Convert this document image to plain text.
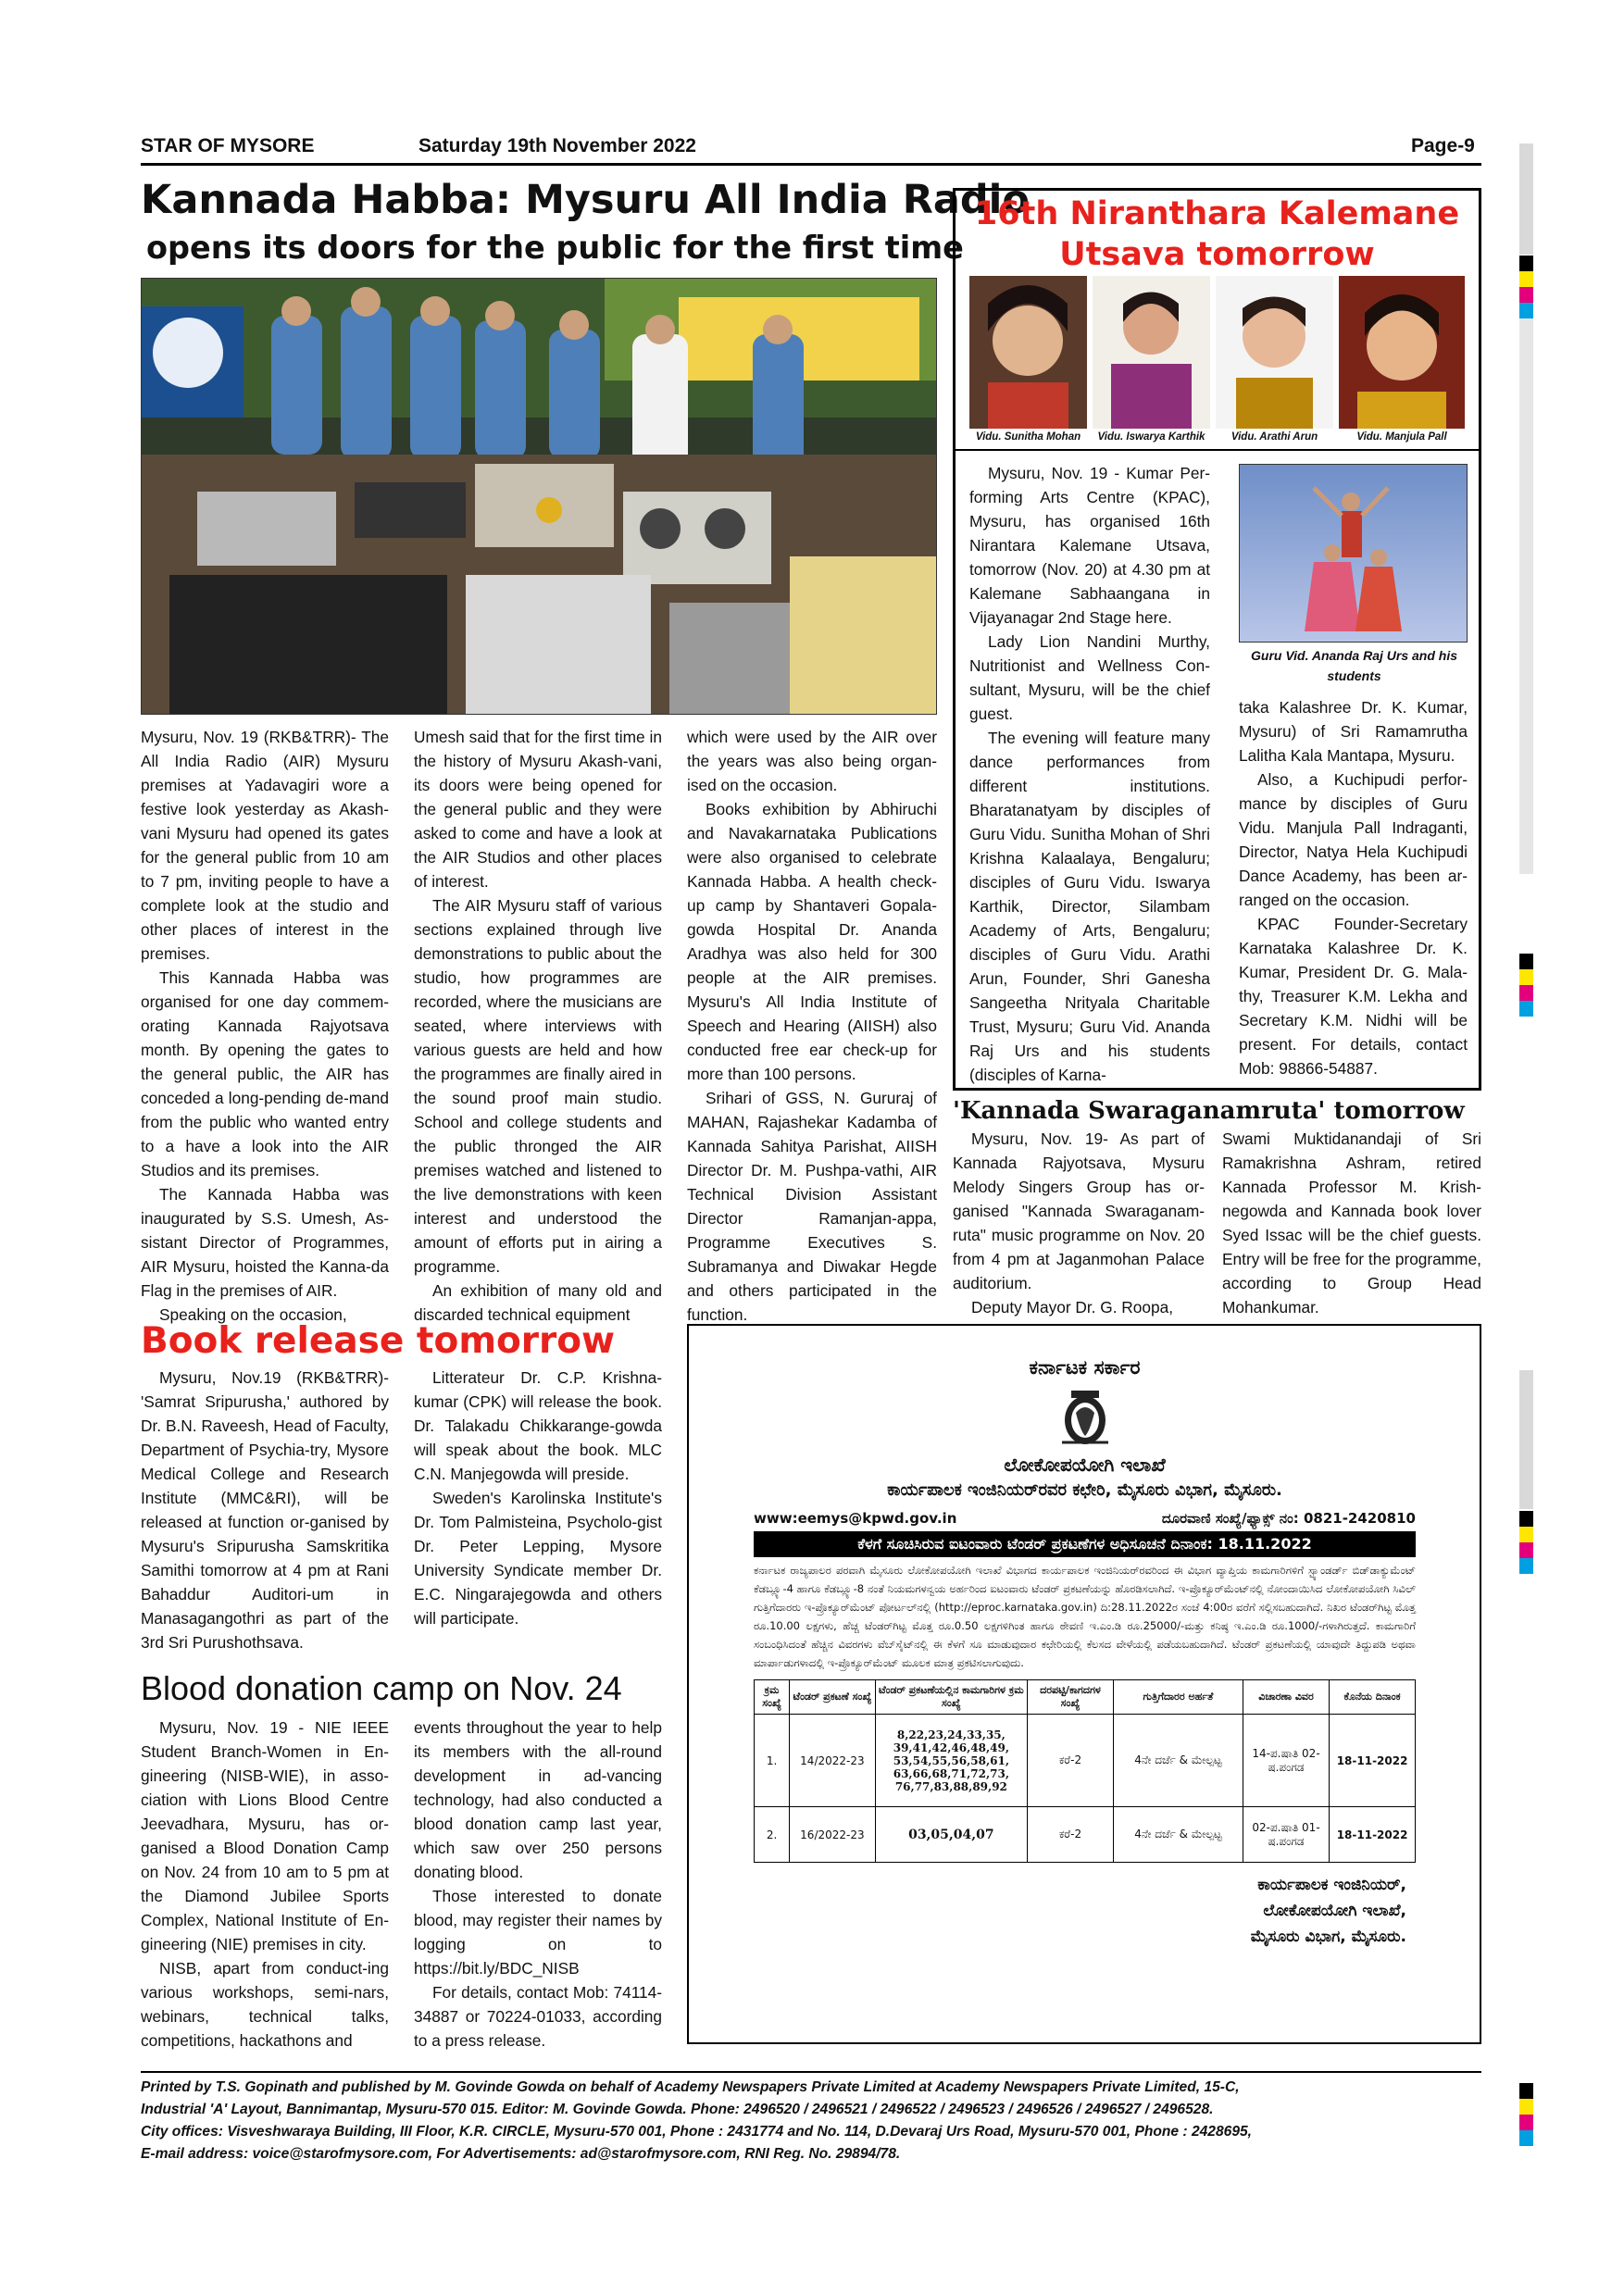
STAR OF MYSORE	Saturday 19th November 2022	Page-9
Kannada Habba: Mysuru All India Radio
opens its doors for the public for the first time

Mysuru, Nov. 19 (RKB&TRR)- The All India Radio (AIR) Mysuru premises at Yadavagiri wore a festive look yesterday as Akash-vani Mysuru had opened its gates for the general public from 10 am to 7 pm, inviting people to have a complete look at the studio and other places of interest in the premises.

This Kannada Habba was organised for one day commem-orating Kannada Rajyotsava month. By opening the gates to the general public, the AIR has conceded a long-pending de-mand from the public who wanted entry to a have a look into the AIR Studios and its premises.

The Kannada Habba was inaugurated by S.S. Umesh, As-sistant Director of Programmes, AIR Mysuru, hoisted the Kanna-da Flag in the premises of AIR.

Speaking on the occasion,

Umesh said that for the first time in the history of Mysuru Akash-vani, its doors were being opened for the general public and they were asked to come and have a look at the AIR Studios and other places of interest.

The AIR Mysuru staff of various sections explained through live demonstrations to public about the studio, how programmes are recorded, where the musicians are seated, where interviews with various guests are held and how the programmes are finally aired in the sound proof main studio. School and college students and the public thronged the AIR premises watched and listened to the live demonstrations with keen interest and understood the amount of efforts put in airing a programme.

An exhibition of many old and discarded technical equipment

which were used by the AIR over the years was also being organ-ised on the occasion.

Books exhibition by Abhiruchi and Navakarnataka Publications were also organised to celebrate Kannada Habba. A health check-up camp by Shantaveri Gopala-gowda Hospital Dr. Ananda Aradhya was also held for 300 people at the AIR premises. Mysuru's All India Institute of Speech and Hearing (AIISH) also conducted free ear check-up for more than 100 persons.

Srihari of GSS, N. Gururaj of MAHAN, Rajashekar Kadamba of Kannada Sahitya Parishat, AIISH Director Dr. M. Pushpa-vathi, AIR Technical Division Assistant Director Ramanjan-appa, Programme Executives S. Subramanya and Diwakar Hegde and others participated in the function.

16th Niranthara Kalemane
Utsava tomorrow
Vidu. Sunitha Mohan	Vidu. Iswarya Karthik	Vidu. Arathi Arun	Vidu. Manjula Pall

Mysuru, Nov. 19 - Kumar Per-forming Arts Centre (KPAC), Mysuru, has organised 16th Nirantara Kalemane Utsava, tomorrow (Nov. 20) at 4.30 pm at Kalemane Sabhaangana in Vijayanagar 2nd Stage here.

Lady Lion Nandini Murthy, Nutritionist and Wellness Con-sultant, Mysuru, will be the chief guest.

The evening will feature many dance performances from different institutions. Bharatanatyam by disciples of Guru Vidu. Sunitha Mohan of Shri Krishna Kalaalaya, Bengaluru; disciples of Guru Vidu. Iswarya Karthik, Director, Silambam Academy of Arts, Bengaluru; disciples of Guru Vidu. Arathi Arun, Founder, Shri Ganesha Sangeetha Nrityala Charitable Trust, Mysuru; Guru Vid. Ananda Raj Urs and his students (disciples of Karna-

Guru Vid. Ananda Raj Urs and his students

taka Kalashree Dr. K. Kumar, Mysuru) of Sri Ramamrutha Lalitha Kala Mantapa, Mysuru.

Also, a Kuchipudi perfor-mance by disciples of Guru Vidu. Manjula Pall Indraganti, Director, Natya Hela Kuchipudi Dance Academy, has been ar-ranged on the occasion.

KPAC Founder-Secretary Karnataka Kalashree Dr. K. Kumar, President Dr. G. Mala-thy, Treasurer K.M. Lekha and Secretary K.M. Nidhi will be present. For details, contact Mob: 98866-54887.

'Kannada Swaraganamruta' tomorrow

Mysuru, Nov. 19- As part of Kannada Rajyotsava, Mysuru Melody Singers Group has or-ganised "Kannada Swaraganam-ruta" music programme on Nov. 20 from 4 pm at Jaganmohan Palace auditorium.

Deputy Mayor Dr. G. Roopa,

Swami Muktidanandaji of Sri Ramakrishna Ashram, retired Kannada Professor M. Krish-negowda and Kannada book lover Syed Issac will be the chief guests. Entry will be free for the programme, according to Group Head Mohankumar.

Book release tomorrow

Mysuru, Nov.19 (RKB&TRR)- 'Samrat Sripurusha,' authored by Dr. B.N. Raveesh, Head of Faculty, Department of Psychia-try, Mysore Medical College and Research Institute (MMC&RI), will be released at function or-ganised by Mysuru's Sripurusha Samskritika Samithi tomorrow at 4 pm at Rani Bahaddur Auditori-um in Manasagangothri as part of the 3rd Sri Purushothsava.

Litterateur Dr. C.P. Krishna-kumar (CPK) will release the book. Dr. Talakadu Chikkarange-gowda will speak about the book. MLC C.N. Manjegowda will preside.

Sweden's Karolinska Institute's Dr. Tom Palmisteina, Psycholo-gist Dr. Peter Lepping, Mysore University Syndicate member Dr. E.C. Ningarajegowda and others will participate.

Blood donation camp on Nov. 24

Mysuru, Nov. 19 - NIE IEEE Student Branch-Women in En-gineering (NISB-WIE), in asso-ciation with Lions Blood Centre Jeevadhara, Mysuru, has or-ganised a Blood Donation Camp on Nov. 24 from 10 am to 5 pm at the Diamond Jubilee Sports Complex, National Institute of En-gineering (NIE) premises in city.

NISB, apart from conduct-ing various workshops, semi-nars, webinars, technical talks, competitions, hackathons and

events throughout the year to help its members with the all-round development in ad-vancing technology, had also conducted a blood donation camp last year, which saw over 250 persons donating blood.

Those interested to donate blood, may register their names by logging on to https://bit.ly/BDC_NISB

For details, contact Mob: 74114-34887 or 70224-01033, according to a press release.

ಕರ್ನಾಟಕ ಸರ್ಕಾರ
ಲೋಕೋಪಯೋಗಿ ಇಲಾಖೆ
ಕಾರ್ಯಪಾಲಕ ಇಂಜಿನಿಯರ್‌ರವರ ಕಛೇರಿ, ಮೈಸೂರು ವಿಭಾಗ, ಮೈಸೂರು.
www:eemys@kpwd.gov.in	ದೂರವಾಣಿ ಸಂಖ್ಯೆ/ಫ್ಯಾಕ್ಸ್ ನಂ: 0821-2420810
ಕೆಳಗೆ ಸೂಚಿಸಿರುವ ಐಟಂವಾರು ಟೆಂಡರ್ ಪ್ರಕಟಣೆಗಳ ಅಧಿಸೂಚನೆ ದಿನಾಂಕ: 18.11.2022
ಕರ್ನಾಟಕ ರಾಜ್ಯಪಾಲರ ಪರವಾಗಿ ಮೈಸೂರು ಲೋಕೋಪಯೋಗಿ ಇಲಾಖೆ ವಿಭಾಗದ ಕಾರ್ಯಪಾಲಕ ಇಂಜಿನಿಯರ್‌ರವರಿಂದ ಈ ವಿಭಾಗ ವ್ಯಾಪ್ತಿಯ ಕಾಮಗಾರಿಗಳಿಗೆ ಸ್ಟ್ಯಾಂಡರ್ಡ್ ಬಿಡ್‌ಡಾಕ್ಯುಮೆಂಟ್ ಕೆಡಬ್ಲ್ಯೂ-4 ಹಾಗೂ ಕೆಡಬ್ಲ್ಯೂ-8 ನಂತೆ ನಿಯಮಗಳನ್ವಯ ಅರ್ಹರಿಂದ ಐಟಂವಾರು ಟೆಂಡರ್ ಪ್ರಕಟಣೆಯನ್ನು ಹೊರಡಿಸಲಾಗಿದೆ. ಇ-ಪ್ರೊಕ್ಯೂರ್‌ಮೆಂಟ್‌ನಲ್ಲಿ ನೋಂದಾಯಿಸಿದ ಲೋಕೋಪಯೋಗಿ ಸಿವಿಲ್ ಗುತ್ತಿಗೆದಾರರು ಇ-ಪ್ರೊಕ್ಯೂರ್‌ಮೆಂಟ್ ಪೋರ್ಟಲ್‌ನಲ್ಲಿ (http://eproc.karnataka.gov.in) ದಿ:28.11.2022ರ ಸಂಜೆ 4:00ರ ವರೆಗೆ ಸಲ್ಲಿಸಬಹುದಾಗಿದೆ. ನಿಖರ ಟೆಂಡರ್‌ಗಿಟ್ಟ ಮೊತ್ತ ರೂ.10.00 ಲಕ್ಷಗಳು, ಹೆಚ್ಚ ಟೆಂಡರ್‌ಗಿಟ್ಟ ಮೊತ್ತ ರೂ.0.50 ಲಕ್ಷಗಳಿಗಿಂತ ಹಾಗೂ ಠೇವಣಿ ಇ.ಎಂ.ಡಿ ರೂ.25000/-ಮತ್ತು ಕನಿಷ್ಠ ಇ.ಎಂ.ಡಿ ರೂ.1000/-ಗಳಾಗಿರುತ್ತದೆ. ಕಾಮಗಾರಿಗೆ ಸಂಬಂಧಿಸಿದಂತೆ ಹೆಚ್ಚಿನ ವಿವರಗಳು ವೆಬ್‌ಸೈಟ್‌ನಲ್ಲಿ ಈ ಕೆಳಗೆ ಸೂ ಮಾಡುವುದಾರ ಕಛೇರಿಯಲ್ಲಿ ಕೆಲಸದ ವೇಳೆಯಲ್ಲಿ ಪಡೆಯಬಹುದಾಗಿದೆ. ಟೆಂಡರ್ ಪ್ರಕಟಣೆಯಲ್ಲಿ ಯಾವುದೇ ತಿದ್ದುಪಡಿ ಅಥವಾ ಮಾರ್ಪಾಡುಗಳಾದಲ್ಲಿ ಇ-ಪ್ರೊಕ್ಯೂರ್‌ಮೆಂಟ್ ಮೂಲಕ ಮಾತ್ರ ಪ್ರಕಟಿಸಲಾಗುವುದು.
ಕ್ರಮ ಸಂಖ್ಯೆ	ಟೆಂಡರ್ ಪ್ರಕಟಣೆ ಸಂಖ್ಯೆ	ಟೆಂಡರ್ ಪ್ರಕಟಣೆಯಲ್ಲಿನ ಕಾಮಗಾರಿಗಳ ಕ್ರಮ ಸಂಖ್ಯೆ	ದರಪಟ್ಟಿ/ಕಾಗದಗಳ ಸಂಖ್ಯೆ	ಗುತ್ತಿಗೆದಾರರ ಅರ್ಹತೆ	ವಿಚಾರಣಾ ವಿವರ	ಕೊನೆಯ ದಿನಾಂಕ
1.	14/2022-23	8,22,23,24,33,35, 39,41,42,46,48,49, 53,54,55,56,58,61, 63,66,68,71,72,73, 76,77,83,88,89,92	ಕರೆ-2	4ನೇ ದರ್ಜೆ & ಮೇಲ್ಪಟ್ಟ	14-ಪ.ಷಾತಿ 02-ಷ.ಪಂಗಡ	18-11-2022
2.	16/2022-23	03,05,04,07	ಕರೆ-2	4ನೇ ದರ್ಜೆ & ಮೇಲ್ಪಟ್ಟ	02-ಪ.ಷಾತಿ 01-ಷ.ಪಂಗಡ	18-11-2022
ಕಾರ್ಯಪಾಲಕ ಇಂಜಿನಿಯರ್,
ಲೋಕೋಪಯೋಗಿ ಇಲಾಖೆ,
ಮೈಸೂರು ವಿಭಾಗ, ಮೈಸೂರು.
Printed by T.S. Gopinath and published by M. Govinde Gowda on behalf of Academy Newspapers Private Limited at Academy Newspapers Private Limited, 15-C,
Industrial 'A' Layout, Bannimantap, Mysuru-570 015. Editor: M. Govinde Gowda. Phone: 2496520 / 2496521 / 2496522 / 2496523 / 2496526 / 2496527 / 2496528.
City offices: Visveshwaraya Building, III Floor, K.R. CIRCLE, Mysuru-570 001, Phone : 2431774 and No. 114, D.Devaraj Urs Road, Mysuru-570 001, Phone : 2428695,
E-mail address: voice@starofmysore.com, For Advertisements: ad@starofmysore.com, RNI Reg. No. 29894/78.
